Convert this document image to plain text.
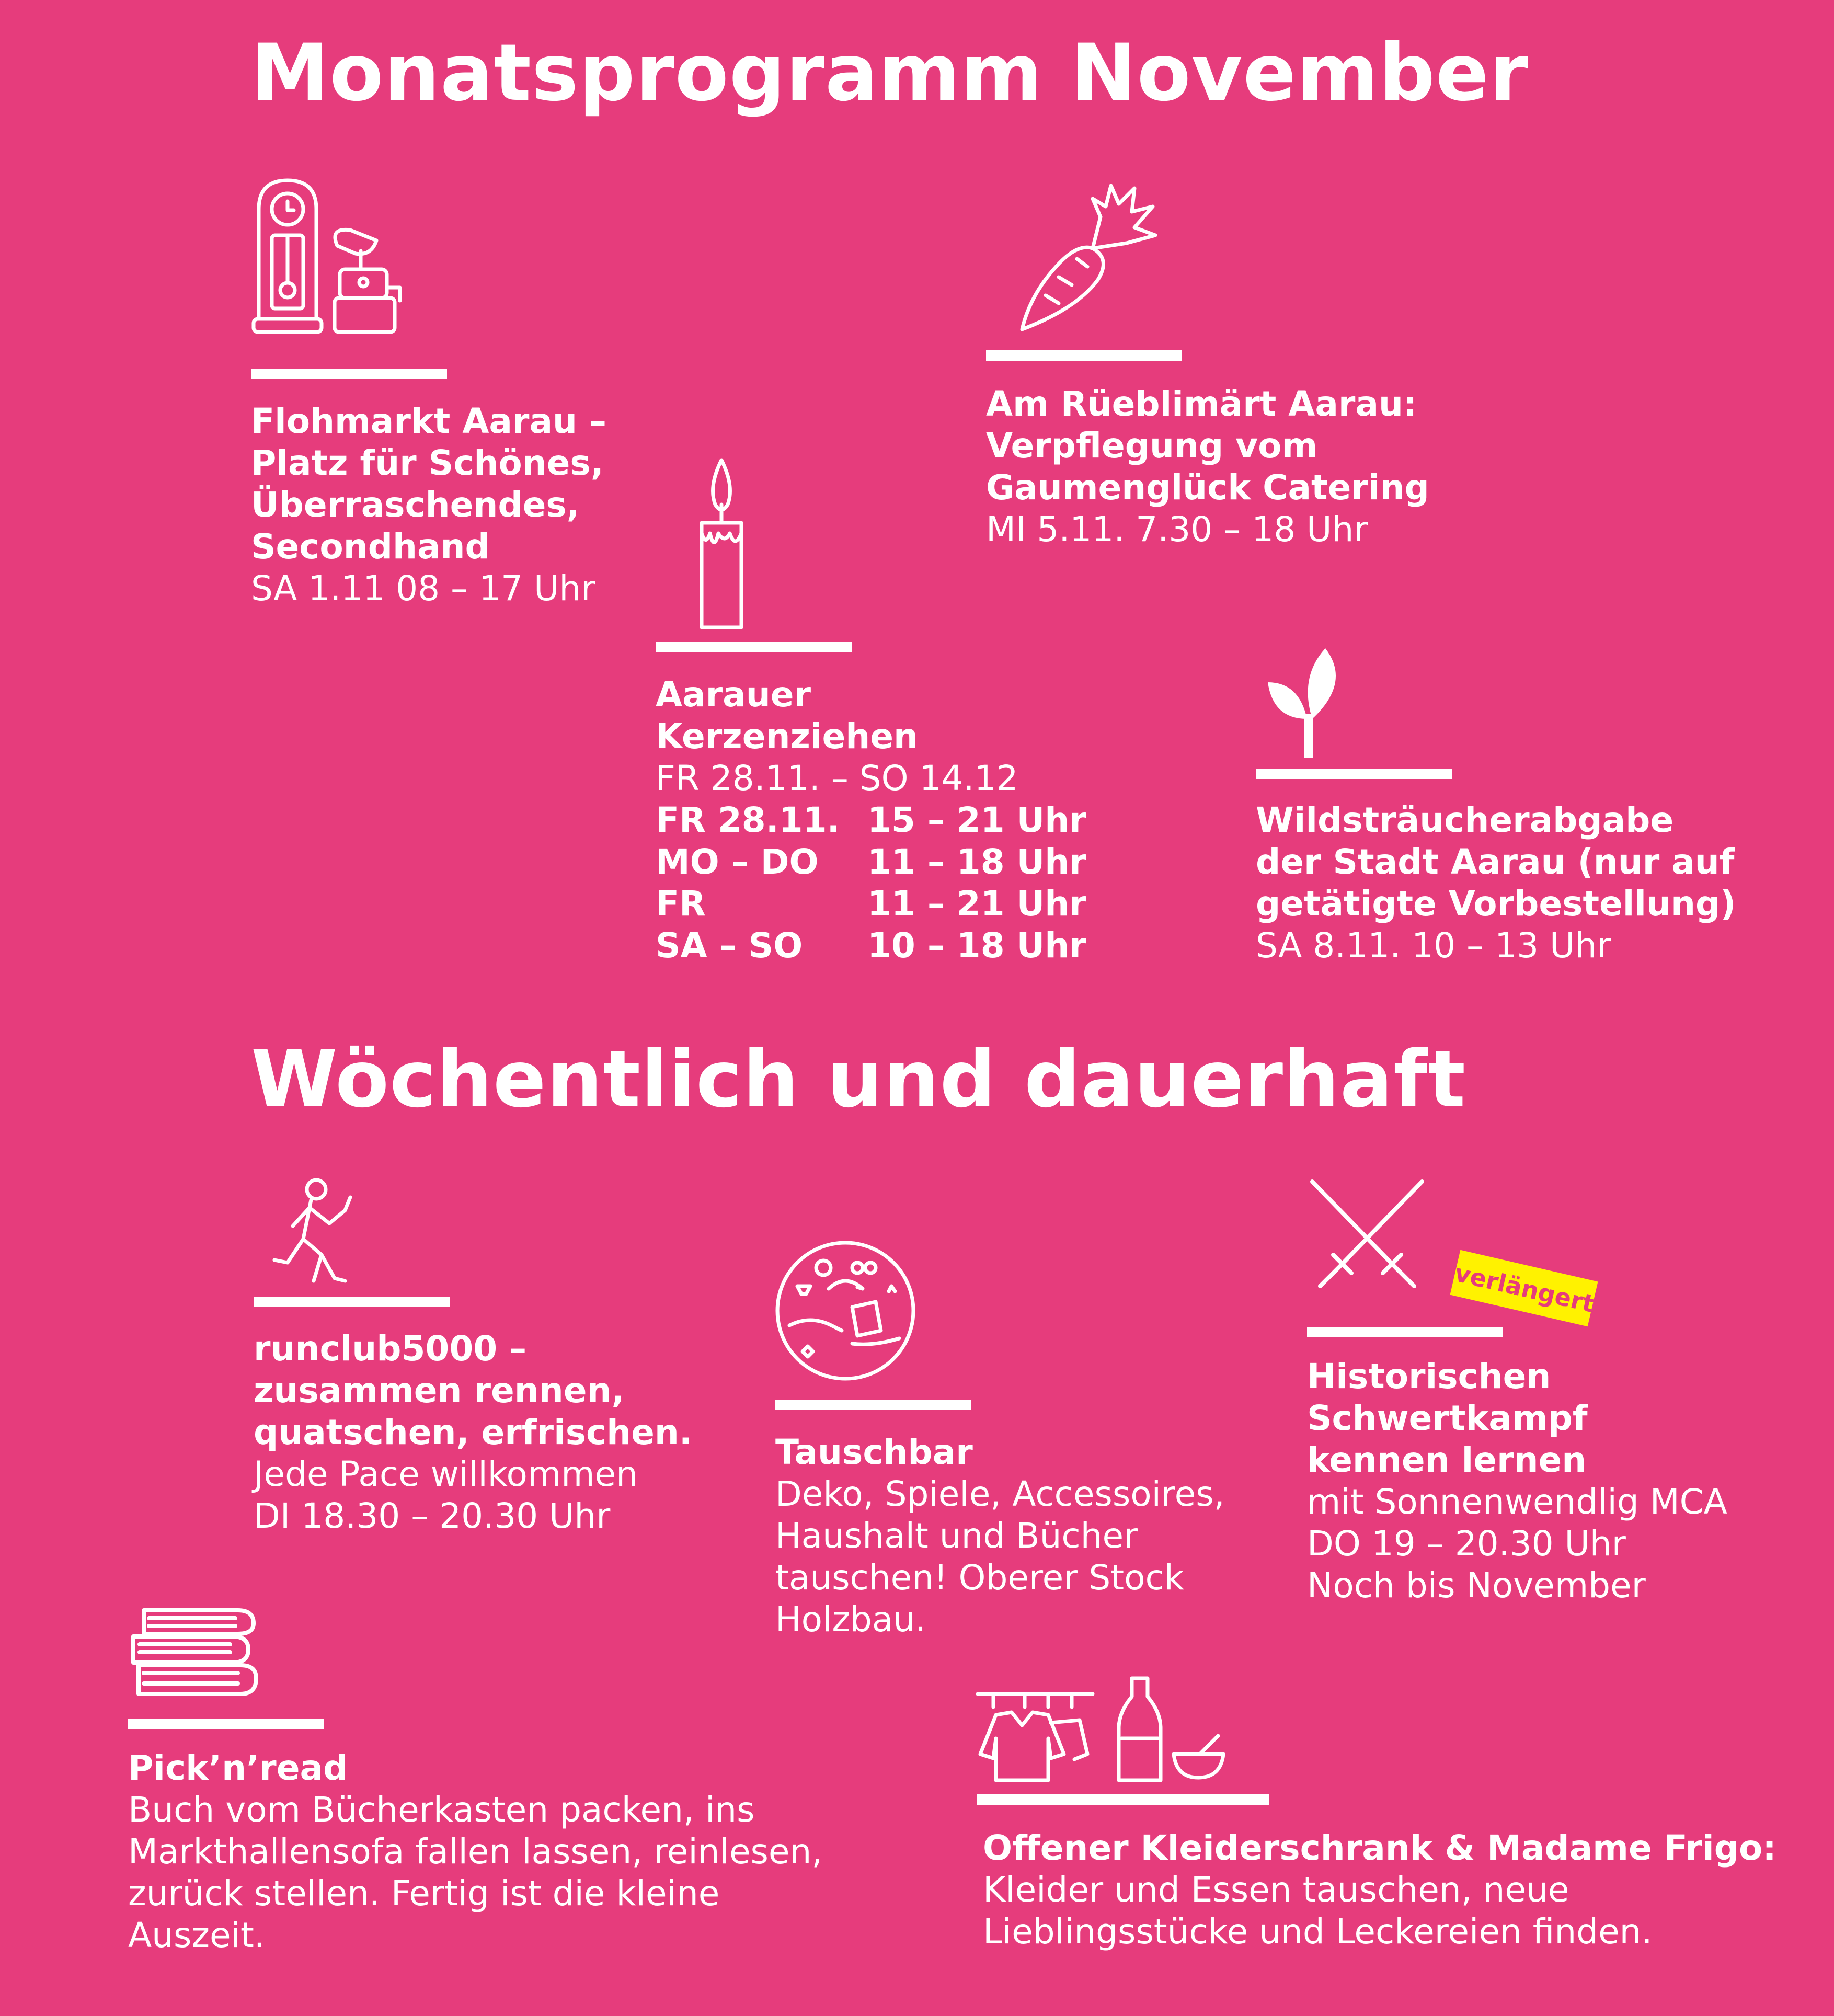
Monatsprogramm November
Wöchentlich und dauerhaft
Flohmarkt Aarau –
Platz für Schönes,
Überraschendes,
Secondhand
SA 1.11 08 – 17 Uhr
Am Rüeblimärt Aarau:
Verpflegung vom
Gaumenglück Catering
MI 5.11. 7.30 – 18 Uhr
Aarauer
Kerzenziehen
FR 28.11. – SO 14.12
FR 28.11. 15 – 21 Uhr
MO – DO 11 – 18 Uhr
FR	11 – 21 Uhr
SA – SO 10 – 18 Uhr
Wildsträucherabgabe
der Stadt Aarau (nur auf
getätigte Vorbestellung)
SA 8.11. 10 – 13 Uhr
runclub5000 –
zusammen rennen,
quatschen, erfrischen.
Jede Pace willkommen
DI 18.30 – 20.30 Uhr
Tauschbar
Deko, Spiele, Accessoires,
Haushalt und Bücher
tauschen! Oberer Stock
Holzbau.
verlängert
Historischen
Schwertkampf
kennen lernen
mit Sonnenwendlig MCA
DO 19 – 20.30 Uhr
Noch bis November
Pick’n’read
Buch vom Bücherkasten packen, ins
Markthallensofa fallen lassen, reinlesen,
zurück stellen. Fertig ist die kleine
Auszeit.
Offener Kleiderschrank & Madame Frigo:
Kleider und Essen tauschen, neue
Lieblingsstücke und Leckereien finden.
